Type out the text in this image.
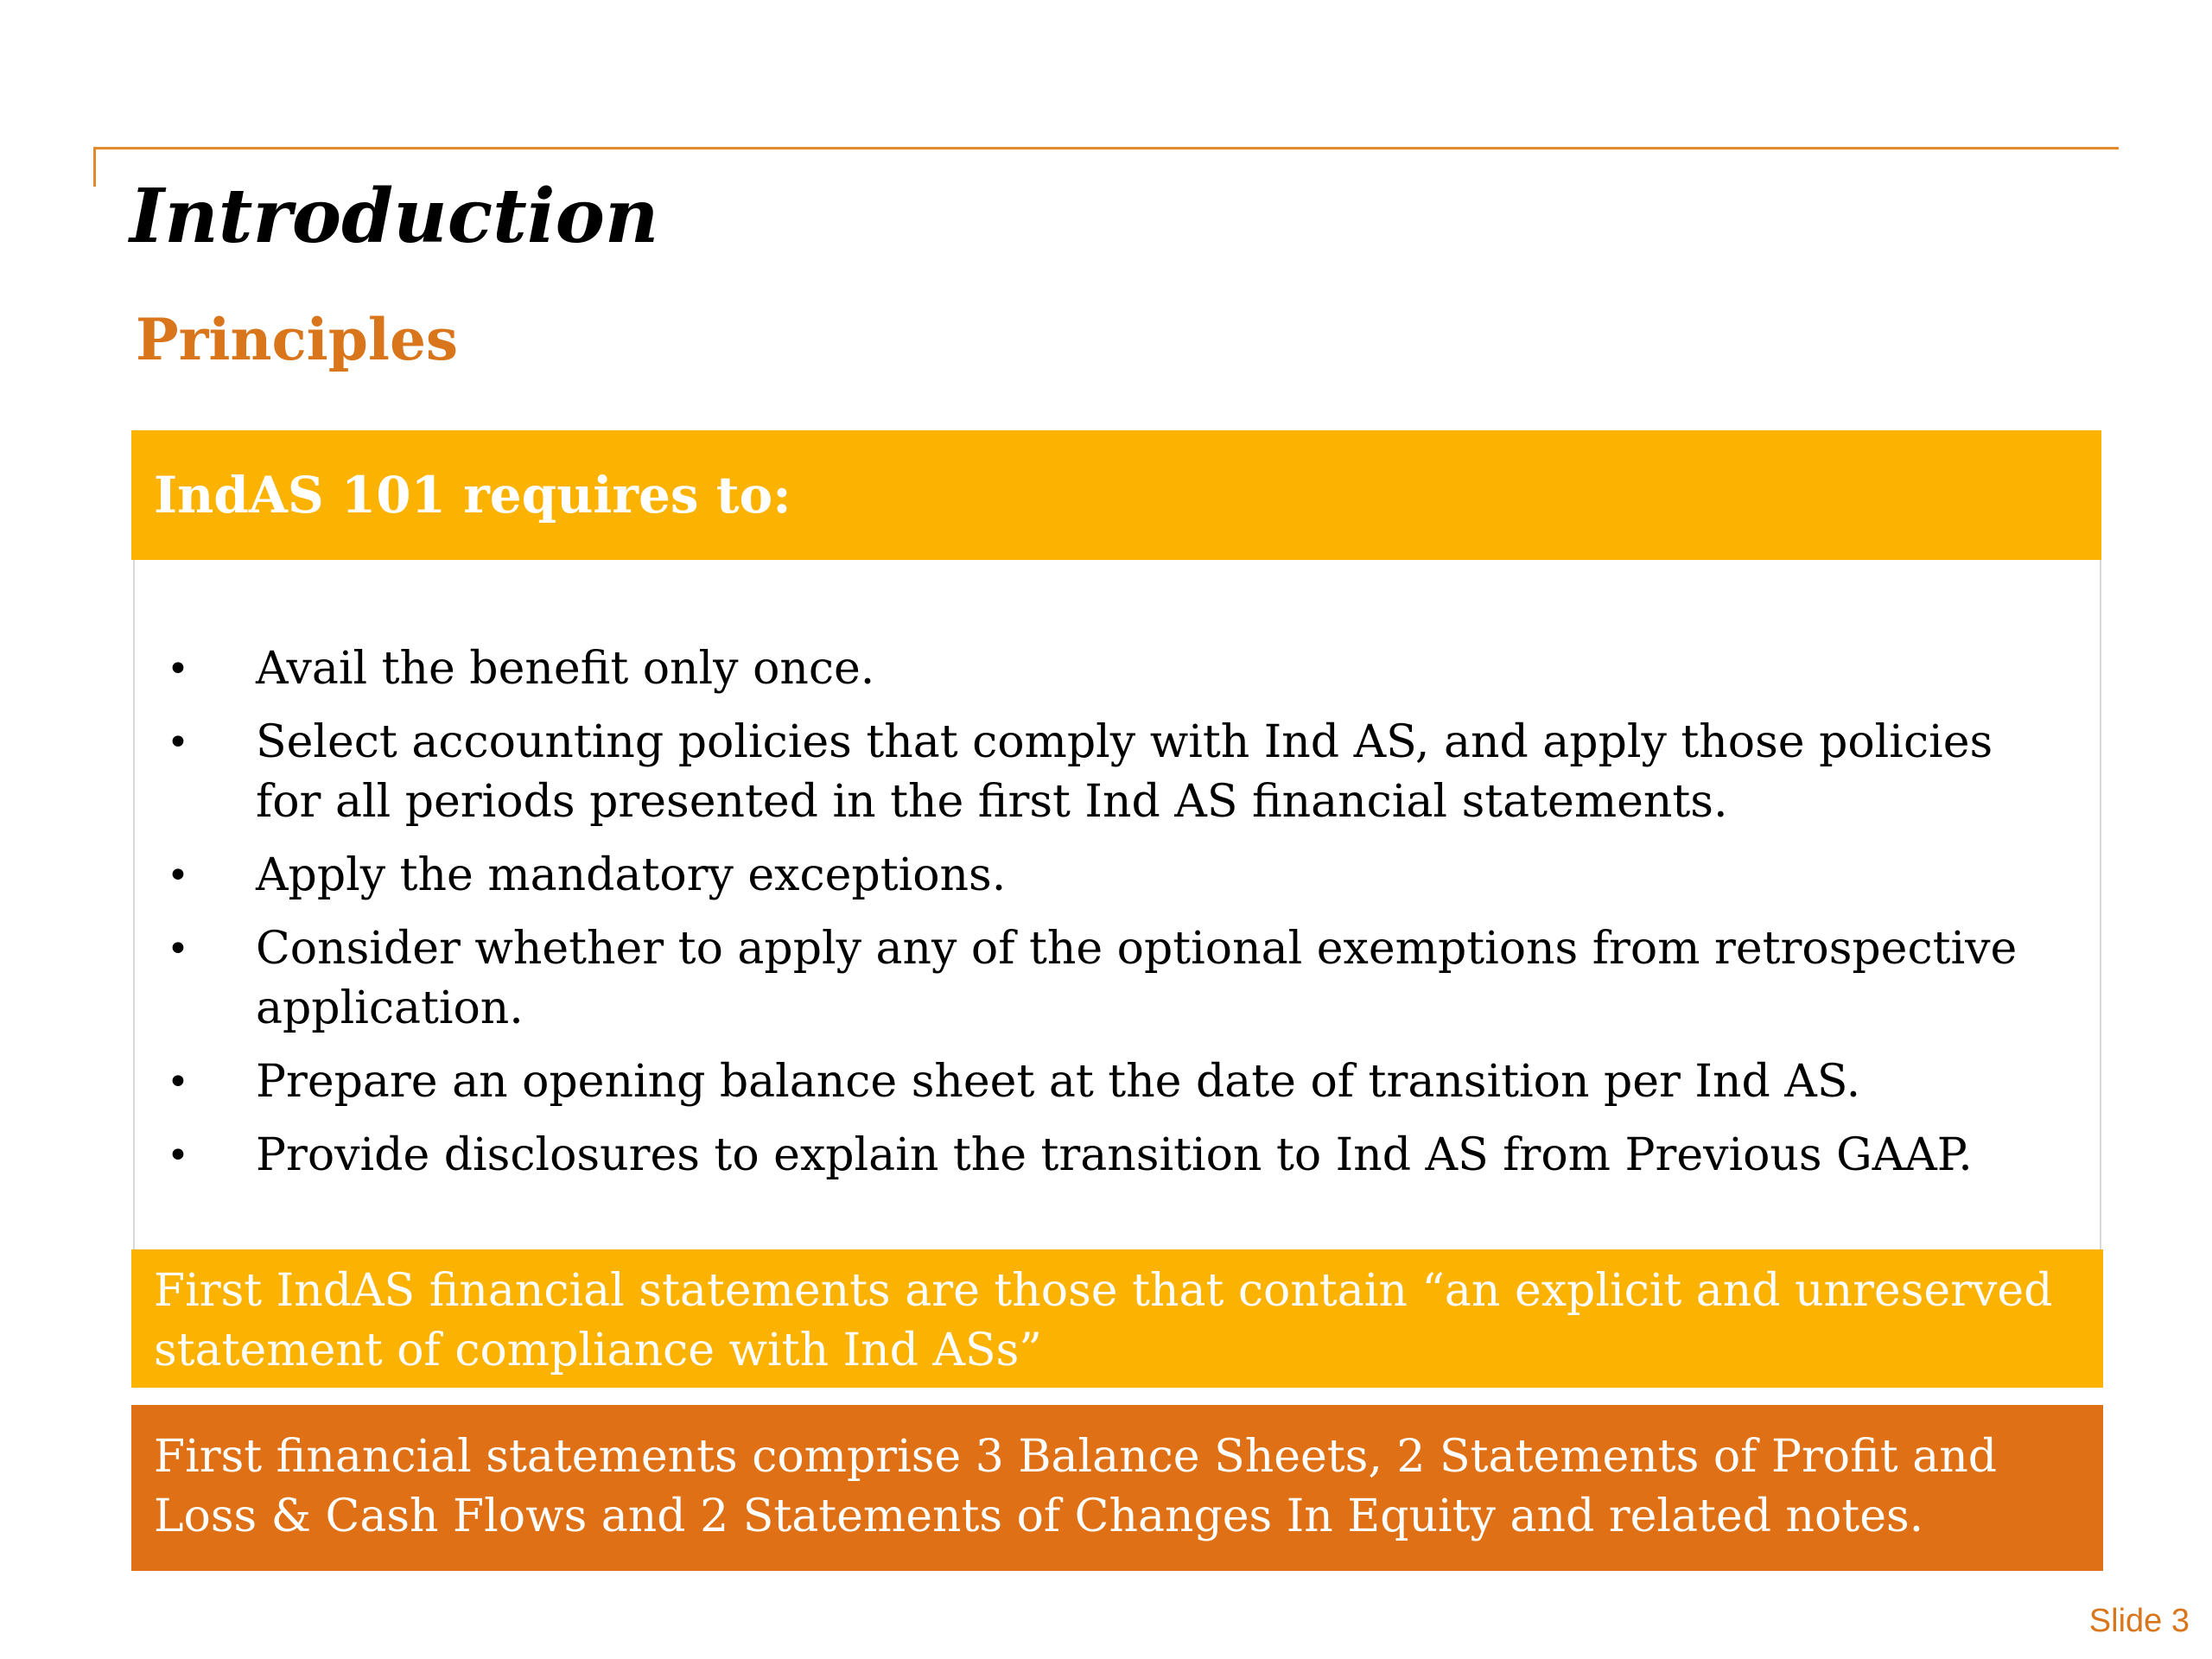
Introduction
Principles
IndAS 101 requires to:
• Avail the benefit only once.
• Select accounting policies that comply with Ind AS, and apply those policies for all periods presented in the first Ind AS financial statements.
• Apply the mandatory exceptions.
• Consider whether to apply any of the optional exemptions from retrospective application.
• Prepare an opening balance sheet at the date of transition per Ind AS.
• Provide disclosures to explain the transition to Ind AS from Previous GAAP.
First IndAS financial statements are those that contain “an explicit and unreserved statement of compliance with Ind ASs”
First financial statements comprise 3 Balance Sheets, 2 Statements of Profit and Loss & Cash Flows and 2 Statements of Changes In Equity and related notes.
Slide 3
